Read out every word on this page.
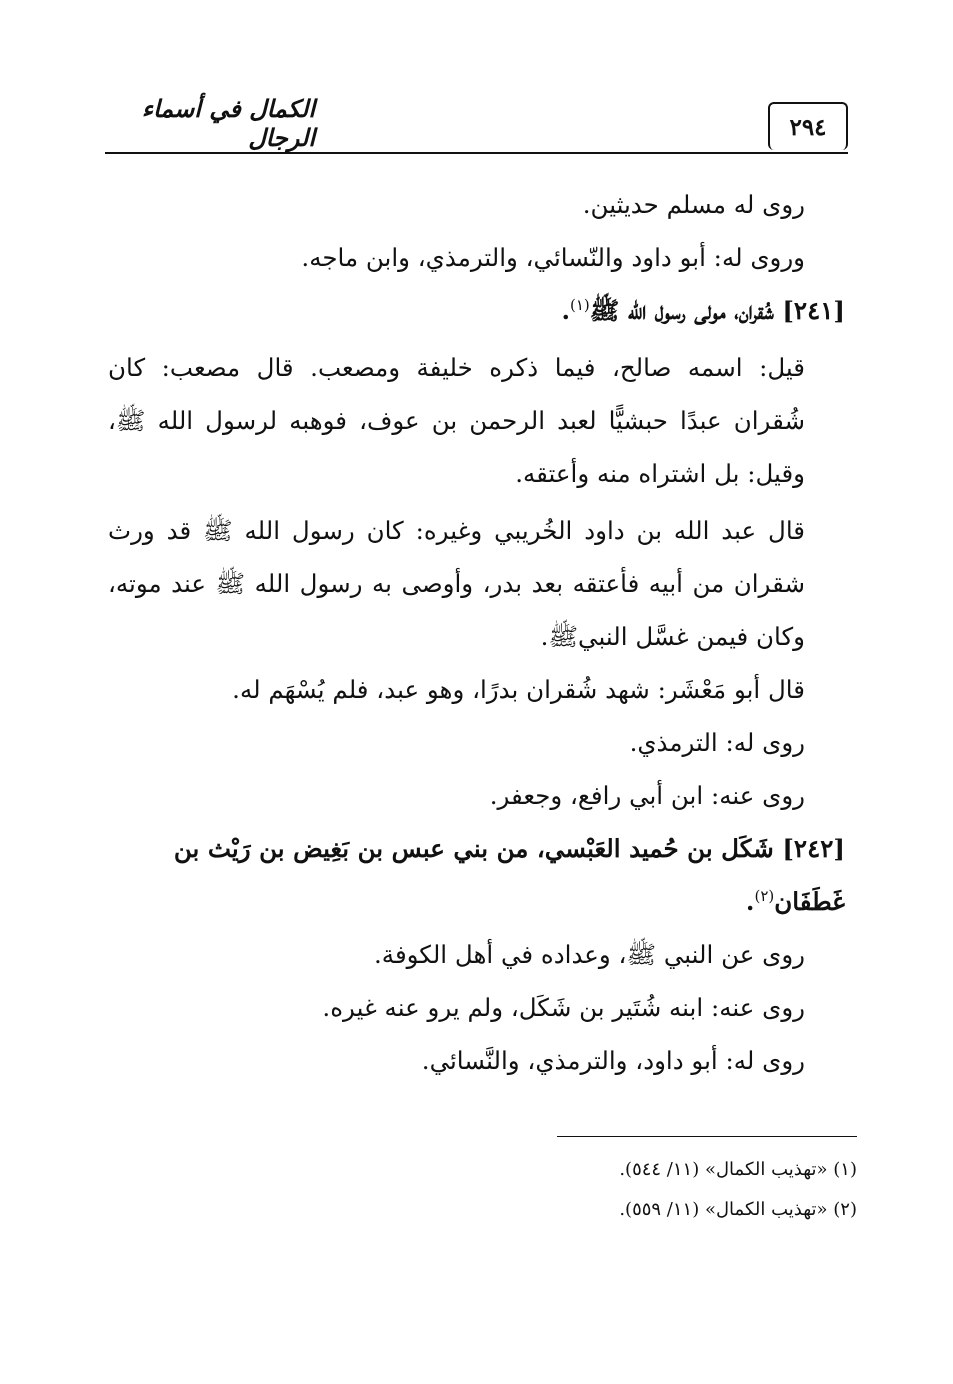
٢٩٤
الكمال في أسماء الرجال

روى له مسلم حديثين.

وروى له: أبو داود والنّسائي، والترمذي، وابن ماجه.

[٢٤١] شُقران، مولى رسول الله ﷺ$^{(١)}$.

قيل: اسمه صالح، فيما ذكره خليفة ومصعب. قال مصعب: كان شُقران عبدًا حبشيًّا لعبد الرحمن بن عوف، فوهبه لرسول الله ﷺ، وقيل: بل اشتراه منه وأعتقه.

قال عبد الله بن داود الخُريبي وغيره: كان رسول الله ﷺ قد ورث شقران من أبيه فأعتقه بعد بدر، وأوصى به رسول الله ﷺ عند موته، وكان فيمن غسَّل النبيﷺ.

قال أبو مَعْشَر: شهد شُقران بدرًا، وهو عبد، فلم يُسْهَم له.

روى له: الترمذي.

روى عنه: ابن أبي رافع، وجعفر.

[٢٤٢] شَكَل بن حُميد العَبْسي، من بني عبس بن بَغِيض بن رَيْث بن غَطَفَان$^{(٢)}$.

روى عن النبي ﷺ، وعداده في أهل الكوفة.

روى عنه: ابنه شُتَير بن شَكَل، ولم يرو عنه غيره.

روى له: أبو داود، والترمذي، والنَّسائي.

(١) «تهذيب الكمال» (١١/ ٥٤٤).

(٢) «تهذيب الكمال» (١١/ ٥٥٩).
